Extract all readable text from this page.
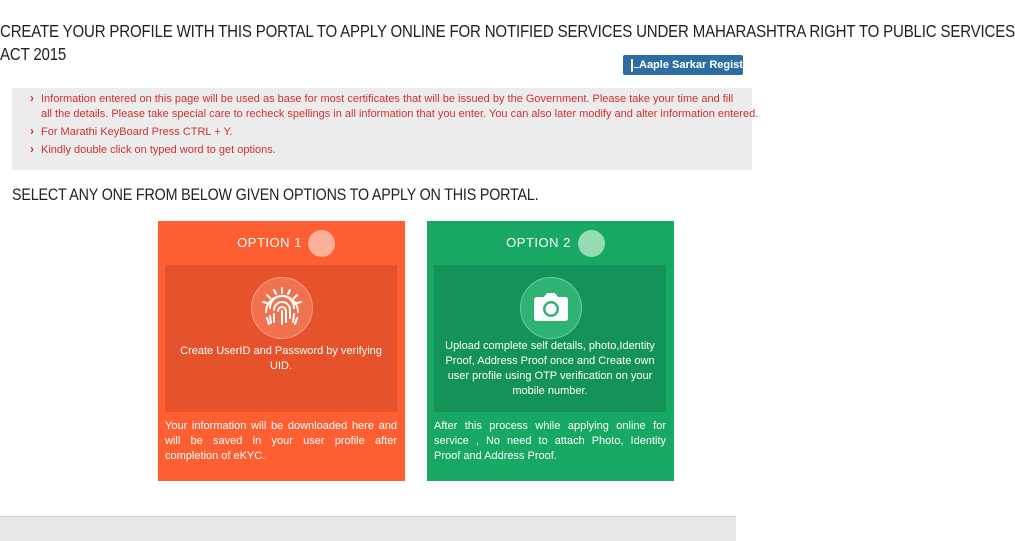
CREATE YOUR PROFILE WITH THIS PORTAL TO APPLY ONLINE FOR NOTIFIED SERVICES UNDER MAHARASHTRA RIGHT TO PUBLIC SERVICES
ACT 2015
Aaple Sarkar Registration Guide
› Information entered on this page will be used as base for most certificates that will be issued by the Government. Please take your time and fill
all the details. Please take special care to recheck spellings in all information that you enter. You can also later modify and alter information entered.
› For Marathi KeyBoard Press CTRL + Y.
› Kindly double click on typed word to get options.
SELECT ANY ONE FROM BELOW GIVEN OPTIONS TO APPLY ON THIS PORTAL.
OPTION 1
Create UserID and Password by verifying UID.
Your information will be downloaded here and will be saved in your user profile after completion of eKYC.
OPTION 2
Upload complete self details, photo,Identity Proof, Address Proof once and Create own user profile using OTP verification on your mobile number.
After this process while applying online for service , No need to attach Photo, Identity Proof and Address Proof.
